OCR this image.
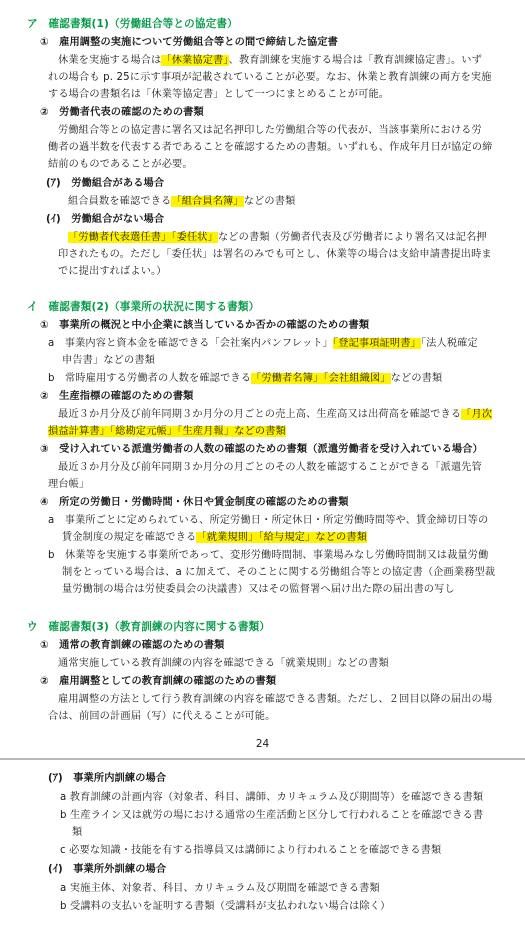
ア　確認書類(1)（労働組合等との協定書）
①　雇用調整の実施について労働組合等との間で締結した協定書
休業を実施する場合は「休業協定書」、教育訓練を実施する場合は「教育訓練協定書」。いず
れの場合も p. 25に示す事項が記載されていることが必要。なお、休業と教育訓練の両方を実施
する場合の書類名は「休業等協定書」として一つにまとめることが可能。
②　労働者代表の確認のための書類
労働組合等との協定書に署名又は記名押印した労働組合等の代表が、当該事業所における労
働者の過半数を代表する者であることを確認するための書類。いずれも、作成年月日が協定の締
結前のものであることが必要。
(ｱ)　労働組合がある場合
組合員数を確認できる「組合員名簿」などの書類
(ｲ)　労働組合がない場合
「労働者代表選任書」「委任状」などの書類（労働者代表及び労働者により署名又は記名押
印されたもの。ただし「委任状」は署名のみでも可とし、休業等の場合は支給申請書提出時ま
でに提出すればよい。）
イ　確認書類(2)（事業所の状況に関する書類）
①　事業所の概況と中小企業に該当しているか否かの確認のための書類
a　事業内容と資本金を確認できる「会社案内パンフレット」「登記事項証明書」「法人税確定
申告書」などの書類
b　常時雇用する労働者の人数を確認できる「労働者名簿」「会社組織図」などの書類
②　生産指標の確認のための書類
最近３か月分及び前年同期３か月分の月ごとの売上高、生産高又は出荷高を確認できる「月次
損益計算書」「総勘定元帳」「生産月報」などの書類
③　受け入れている派遣労働者の人数の確認のための書類（派遣労働者を受け入れている場合）
最近３か月分及び前年同期３か月分の月ごとのその人数を確認することができる「派遣先管
理台帳」
④　所定の労働日・労働時間・休日や賃金制度の確認のための書類
a　事業所ごとに定められている、所定労働日・所定休日・所定労働時間等や、賃金締切日等の
賃金制度の規定を確認できる「就業規則」「給与規定」などの書類
b　休業等を実施する事業所であって、変形労働時間制、事業場みなし労働時間制又は裁量労働
制をとっている場合は、a に加えて、そのことに関する労働組合等との協定書（企画業務型裁
量労働制の場合は労使委員会の決議書）又はその監督署へ届け出た際の届出書の写し
ウ　確認書類(3)（教育訓練の内容に関する書類）
①　通常の教育訓練の確認のための書類
通常実施している教育訓練の内容を確認できる「就業規則」などの書類
②　雇用調整としての教育訓練の確認のための書類
雇用調整の方法として行う教育訓練の内容を確認できる書類。ただし、２回目以降の届出の場
合は、前回の計画届（写）に代えることが可能。
24
(ｱ)　事業所内訓練の場合
a 教育訓練の計画内容（対象者、科目、講師、カリキュラム及び期間等）を確認できる書類
b 生産ライン又は就労の場における通常の生産活動と区分して行われることを確認できる書
類
c 必要な知識・技能を有する指導員又は講師により行われることを確認できる書類
(ｲ)　事業所外訓練の場合
a 実施主体、対象者、科目、カリキュラム及び期間を確認できる書類
b 受講料の支払いを証明する書類（受講料が支払われない場合は除く）
